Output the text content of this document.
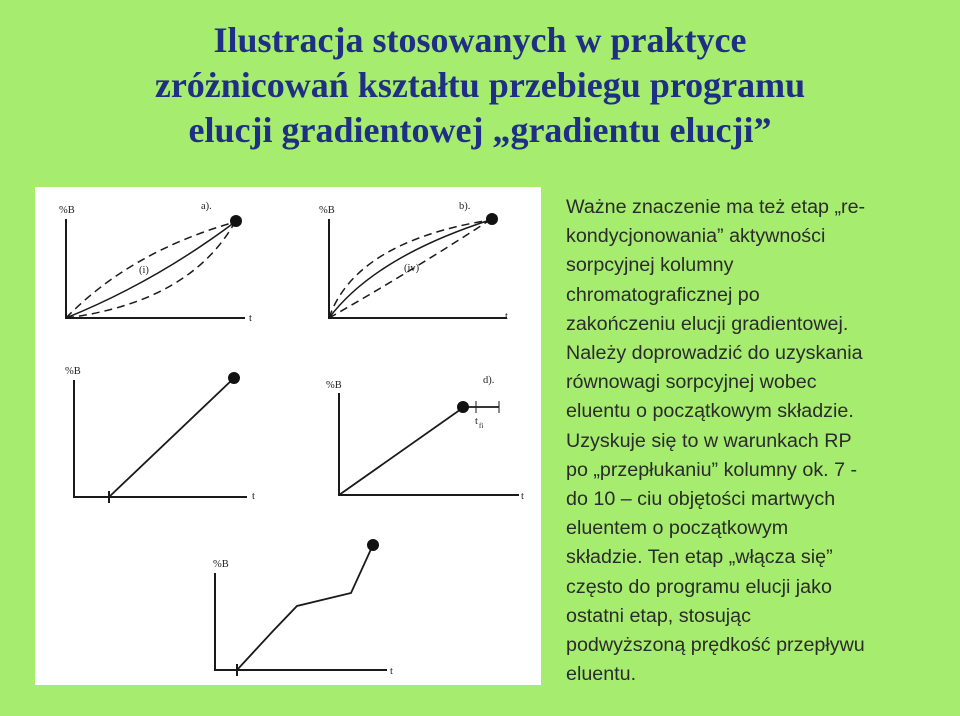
Ilustracja stosowanych w praktyce
zróżnicowań kształtu przebiegu programu
elucji gradientowej „gradientu elucji”
%B	a).
(i)
t
%B	b).
(iv)
t
%B
t
%B	d).
$t_{fi}$
t
%B
t
Ważne znaczenie ma też etap „re-
kondycjonowania” aktywności
sorpcyjnej kolumny
chromatograficznej po
zakończeniu elucji gradientowej.
Należy doprowadzić do uzyskania
równowagi sorpcyjnej wobec
eluentu o początkowym składzie.
Uzyskuje się to w warunkach RP
po „przepłukaniu” kolumny ok. 7 -
do 10 – ciu objętości martwych
eluentem o początkowym
składzie. Ten etap „włącza się”
często do programu elucji jako
ostatni etap, stosując
podwyższoną prędkość przepływu
eluentu.
